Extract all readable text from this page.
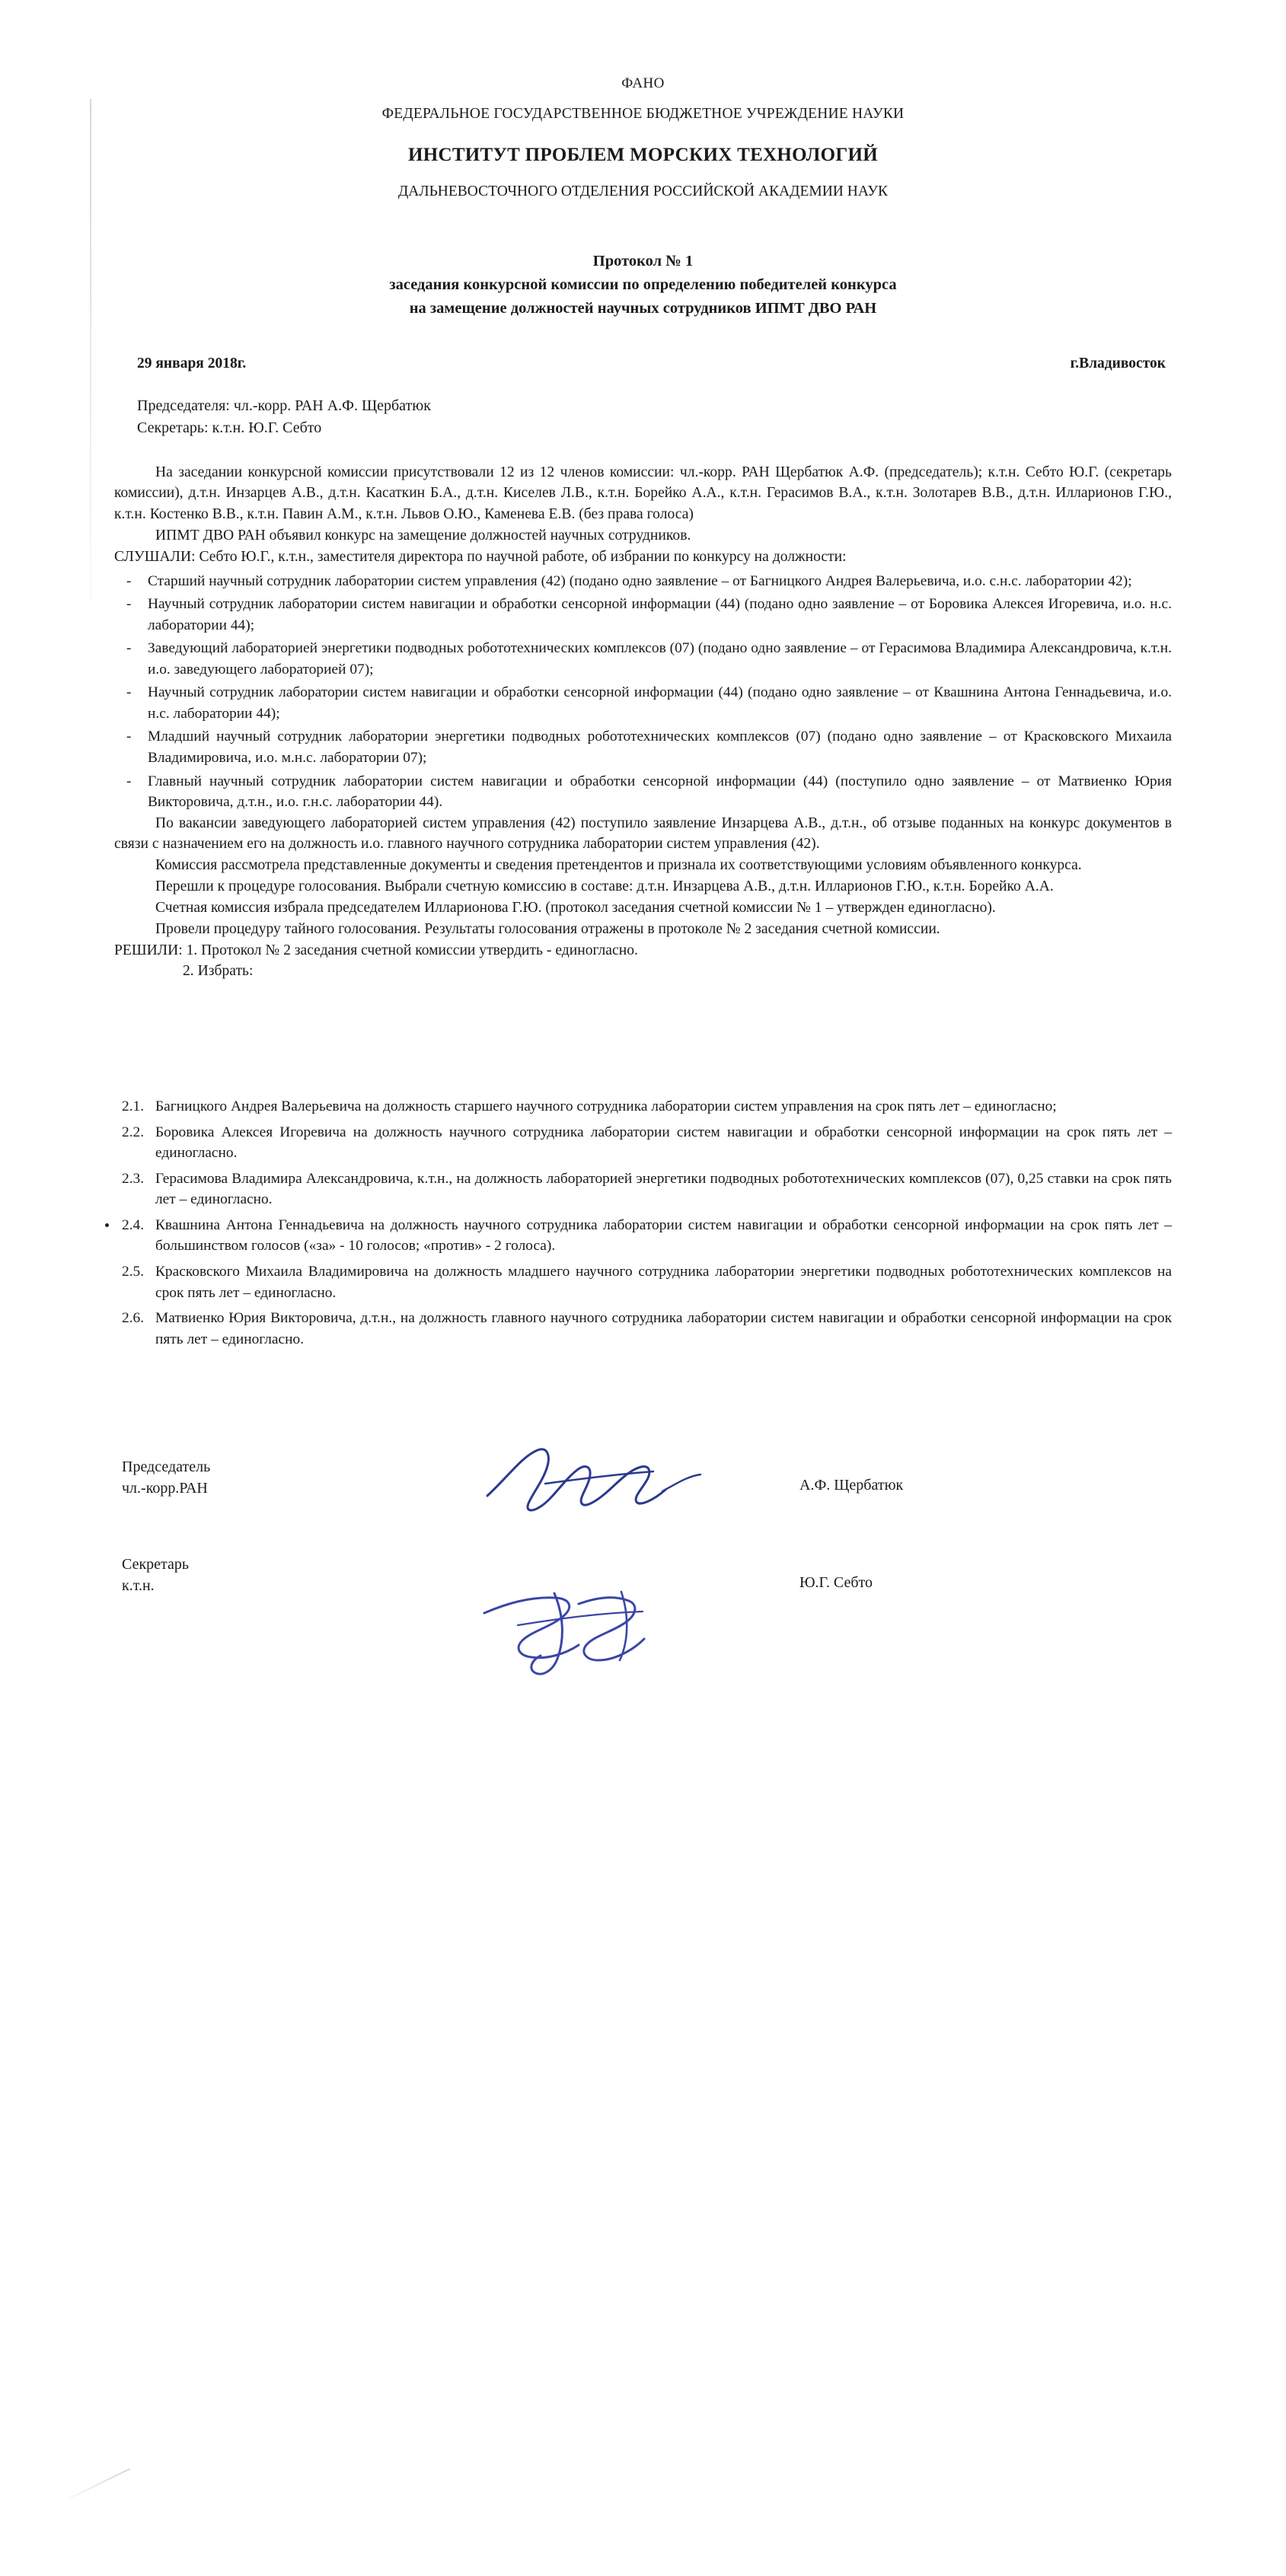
ФАНО
ФЕДЕРАЛЬНОЕ ГОСУДАРСТВЕННОЕ БЮДЖЕТНОЕ УЧРЕЖДЕНИЕ НАУКИ
ИНСТИТУТ ПРОБЛЕМ МОРСКИХ ТЕХНОЛОГИЙ
ДАЛЬНЕВОСТОЧНОГО ОТДЕЛЕНИЯ РОССИЙСКОЙ АКАДЕМИИ НАУК
Протокол № 1
заседания конкурсной комиссии по определению победителей конкурса
на замещение должностей научных сотрудников ИПМТ ДВО РАН
29 января 2018г.	г.Владивосток
Председателя: чл.-корр. РАН А.Ф. Щербатюк
Секретарь: к.т.н. Ю.Г. Себто

На заседании конкурсной комиссии присутствовали 12 из 12 членов комиссии: чл.-корр. РАН Щербатюк А.Ф. (председатель); к.т.н. Себто Ю.Г. (секретарь комиссии), д.т.н. Инзарцев А.В., д.т.н. Касаткин Б.А., д.т.н. Киселев Л.В., к.т.н. Борейко А.А., к.т.н. Герасимов В.А., к.т.н. Золотарев В.В., д.т.н. Илларионов Г.Ю., к.т.н. Костенко В.В., к.т.н. Павин А.М., к.т.н. Львов О.Ю., Каменева Е.В. (без права голоса)

ИПМТ ДВО РАН объявил конкурс на замещение должностей научных сотрудников.

СЛУШАЛИ: Себто Ю.Г., к.т.н., заместителя директора по научной работе, об избрании по конкурсу на должности:

-	Старший научный сотрудник лаборатории систем управления (42) (подано одно заявление – от Багницкого Андрея Валерьевича, и.о. с.н.с. лаборатории 42);
-	Научный сотрудник лаборатории систем навигации и обработки сенсорной информации (44) (подано одно заявление – от Боровика Алексея Игоревича, и.о. н.с. лаборатории 44);
-	Заведующий лабораторией энергетики подводных робототехнических комплексов (07) (подано одно заявление – от Герасимова Владимира Александровича, к.т.н. и.о. заведующего лабораторией 07);
-	Научный сотрудник лаборатории систем навигации и обработки сенсорной информации (44) (подано одно заявление – от Квашнина Антона Геннадьевича, и.о. н.с. лаборатории 44);
-	Младший научный сотрудник лаборатории энергетики подводных робототехнических комплексов (07) (подано одно заявление – от Красковского Михаила Владимировича, и.о. м.н.с. лаборатории 07);
-	Главный научный сотрудник лаборатории систем навигации и обработки сенсорной информации (44) (поступило одно заявление – от Матвиенко Юрия Викторовича, д.т.н., и.о. г.н.с. лаборатории 44).

По вакансии заведующего лабораторией систем управления (42) поступило заявление Инзарцева А.В., д.т.н., об отзыве поданных на конкурс документов в связи с назначением его на должность и.о. главного научного сотрудника лаборатории систем управления (42).

Комиссия рассмотрела представленные документы и сведения претендентов и признала их соответствующими условиям объявленного конкурса.

Перешли к процедуре голосования. Выбрали счетную комиссию в составе: д.т.н. Инзарцева А.В., д.т.н. Илларионов Г.Ю., к.т.н. Борейко А.А.

Счетная комиссия избрала председателем Илларионова Г.Ю. (протокол заседания счетной комиссии № 1 – утвержден единогласно).

Провели процедуру тайного голосования. Результаты голосования отражены в протоколе № 2 заседания счетной комиссии.

РЕШИЛИ: 1. Протокол № 2 заседания счетной комиссии утвердить - единогласно.

2. Избрать:

2.1. Багницкого Андрея Валерьевича на должность старшего научного сотрудника лаборатории систем управления на срок пять лет – единогласно;
2.2. Боровика Алексея Игоревича на должность научного сотрудника лаборатории систем навигации и обработки сенсорной информации на срок пять лет – единогласно.
2.3. Герасимова Владимира Александровича, к.т.н., на должность лабораторией энергетики подводных робототехнических комплексов (07), 0,25 ставки на срок пять лет – единогласно.
2.4. Квашнина Антона Геннадьевича на должность научного сотрудника лаборатории систем навигации и обработки сенсорной информации на срок пять лет – большинством голосов («за» - 10 голосов; «против» - 2 голоса).
2.5. Красковского Михаила Владимировича на должность младшего научного сотрудника лаборатории энергетики подводных робототехнических комплексов на срок пять лет – единогласно.
2.6. Матвиенко Юрия Викторовича, д.т.н., на должность главного научного сотрудника лаборатории систем навигации и обработки сенсорной информации на срок пять лет – единогласно.
Председатель
чл.-корр.РАН	А.Ф. Щербатюк
Секретарь
к.т.н.	Ю.Г. Себто
